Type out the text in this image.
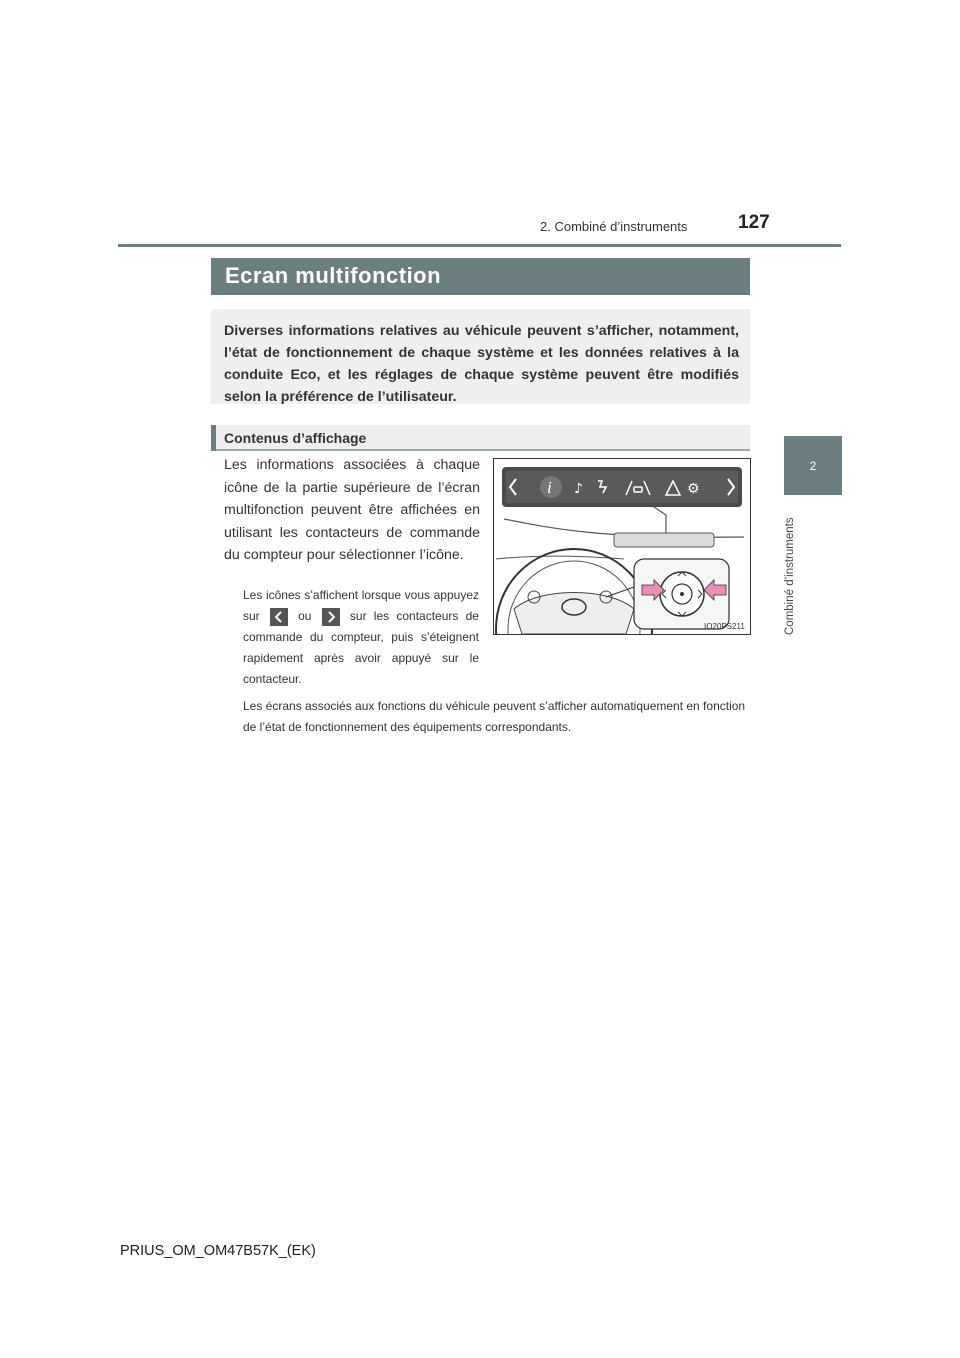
2. Combiné d’instruments	127
2
Combiné d’instruments
Ecran multifonction

Diverses informations relatives au véhicule peuvent s’afficher, notamment, l’état de fonctionnement de chaque système et les données relatives à la conduite Eco, et les réglages de chaque système peuvent être modifiés selon la préférence de l’utilisateur.

Contenus d’affichage

Les informations associées à chaque icône de la partie supérieure de l’écran multifonction peuvent être affichées en utilisant les contacteurs de commande du compteur pour sélectionner l’icône.

Les icônes s’affichent lorsque vous appuyez sur	ou	sur les contacteurs de commande du compteur, puis s’éteignent rapidement après avoir appuyé sur le contacteur.

Les écrans associés aux fonctions du véhicule peuvent s’afficher automatiquement en fonction de l’état de fonctionnement des équipements correspondants.

i ♪	⚙
IO20PS211
PRIUS_OM_OM47B57K_(EK)
